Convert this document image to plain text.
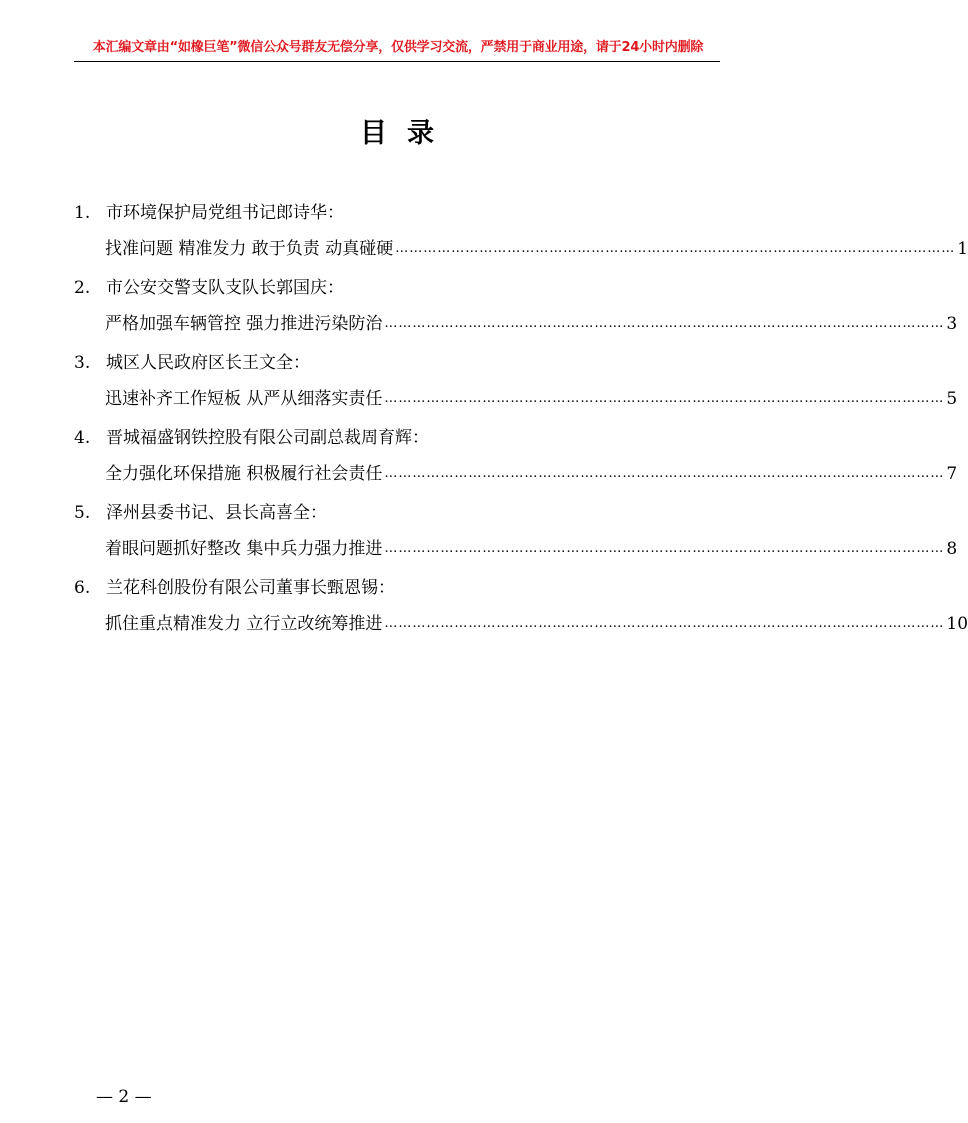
本汇编文章由“如橡巨笔”微信公众号群友无偿分享，仅供学习交流，严禁用于商业用途，请于24小时内删除
目录
1. 市环境保护局党组书记郎诗华：
找准问题 精准发力 敢于负责 动真碰硬 ………………………………………………………………………………………………………… 1
2. 市公安交警支队支队长郭国庆：
严格加强车辆管控 强力推进污染防治 ………………………………………………………………………………………………………… 3
3. 城区人民政府区长王文全：
迅速补齐工作短板 从严从细落实责任 ………………………………………………………………………………………………………… 5
4. 晋城福盛钢铁控股有限公司副总裁周育辉：
全力强化环保措施 积极履行社会责任 ………………………………………………………………………………………………………… 7
5. 泽州县委书记、县长高喜全：
着眼问题抓好整改 集中兵力强力推进 ………………………………………………………………………………………………………… 8
6. 兰花科创股份有限公司董事长甄恩锡：
抓住重点精准发力 立行立改统筹推进 ………………………………………………………………………………………………………… 10
— 2 —
